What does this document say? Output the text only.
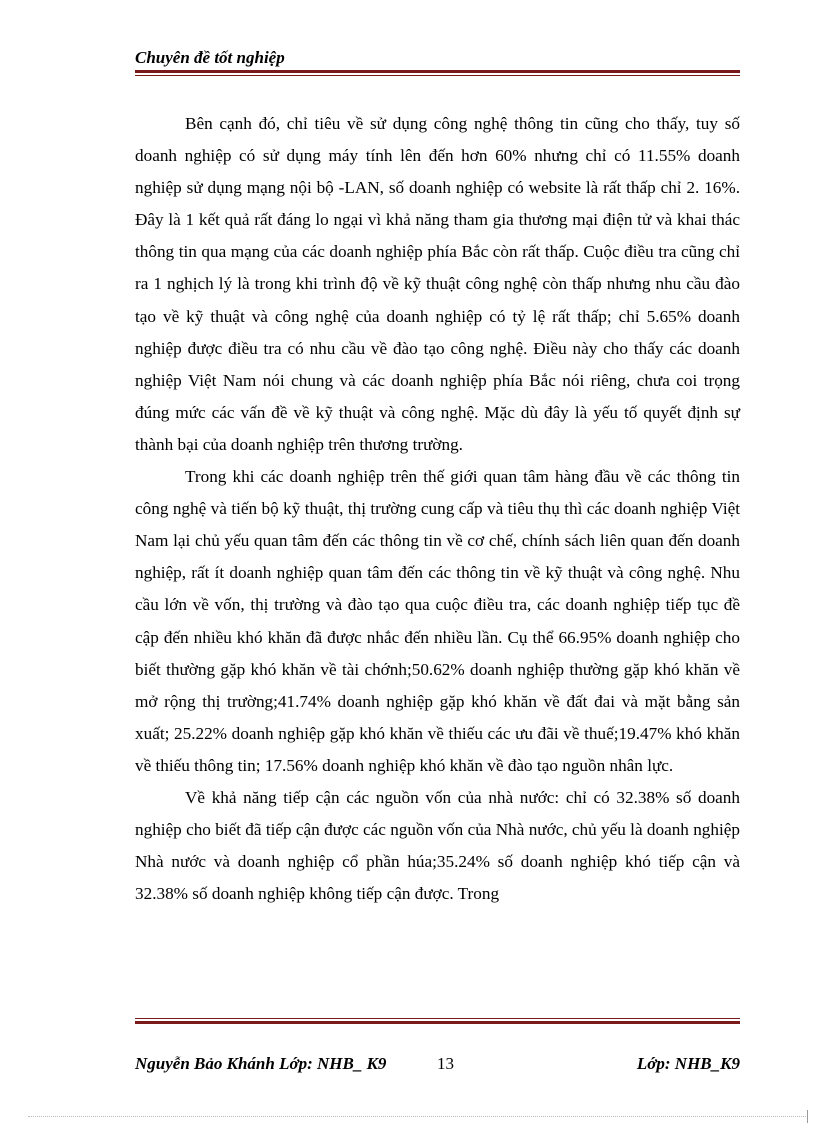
Chuyên đề tốt nghiệp

Bên cạnh đó, chỉ tiêu về sử dụng công nghệ thông tin cũng cho thấy, tuy số doanh nghiệp có sử dụng máy tính lên đến hơn 60% nhưng chỉ có 11.55% doanh nghiệp sử dụng mạng nội bộ -LAN, số doanh nghiệp có website là rất thấp chỉ 2. 16%. Đây là 1 kết quả rất đáng lo ngại vì khả năng tham gia thương mại điện tử và khai thác thông tin qua mạng của các doanh nghiệp phía Bắc còn rất thấp. Cuộc điều tra cũng chỉ ra 1 nghịch lý là trong khi trình độ về kỹ thuật công nghệ còn thấp nhưng nhu cầu đào tạo về kỹ thuật và công nghệ của doanh nghiệp có tỷ lệ rất thấp; chỉ 5.65% doanh nghiệp được điều tra có nhu cầu về đào tạo công nghệ. Điều này cho thấy các doanh nghiệp Việt Nam nói chung và các doanh nghiệp phía Bắc nói riêng, chưa coi trọng đúng mức các vấn đề về kỹ thuật và công nghệ. Mặc dù đây là yếu tố quyết định sự thành bại của doanh nghiệp trên thương trường.

Trong khi các doanh nghiệp trên thế giới quan tâm hàng đầu về các thông tin công nghệ và tiến bộ kỹ thuật, thị trường cung cấp và tiêu thụ thì các doanh nghiệp Việt Nam lại chủ yếu quan tâm đến các thông tin về cơ chế, chính sách liên quan đến doanh nghiệp, rất ít doanh nghiệp quan tâm đến các thông tin về kỹ thuật và công nghệ. Nhu cầu lớn về vốn, thị trường và đào tạo qua cuộc điều tra, các doanh nghiệp tiếp tục đề cập đến nhiều khó khăn đã được nhắc đến nhiều lần. Cụ thể 66.95% doanh nghiệp cho biết thường gặp khó khăn về tài chớnh;50.62% doanh nghiệp thường gặp khó khăn về mở rộng thị trường;41.74% doanh nghiệp gặp khó khăn về đất đai và mặt bằng sản xuất; 25.22% doanh nghiệp gặp khó khăn về thiếu các ưu đãi về thuế;19.47% khó khăn về thiếu thông tin; 17.56% doanh nghiệp khó khăn về đào tạo nguồn nhân lực.

Về khả năng tiếp cận các nguồn vốn của nhà nước: chỉ có 32.38% số doanh nghiệp cho biết đã tiếp cận được các nguồn vốn của Nhà nước, chủ yếu là doanh nghiệp Nhà nước và doanh nghiệp cổ phần húa;35.24% số doanh nghiệp khó tiếp cận và 32.38% số doanh nghiệp không tiếp cận được. Trong

Nguyễn Bảo Khánh Lớp: NHB_ K9	13	Lớp: NHB_K9
